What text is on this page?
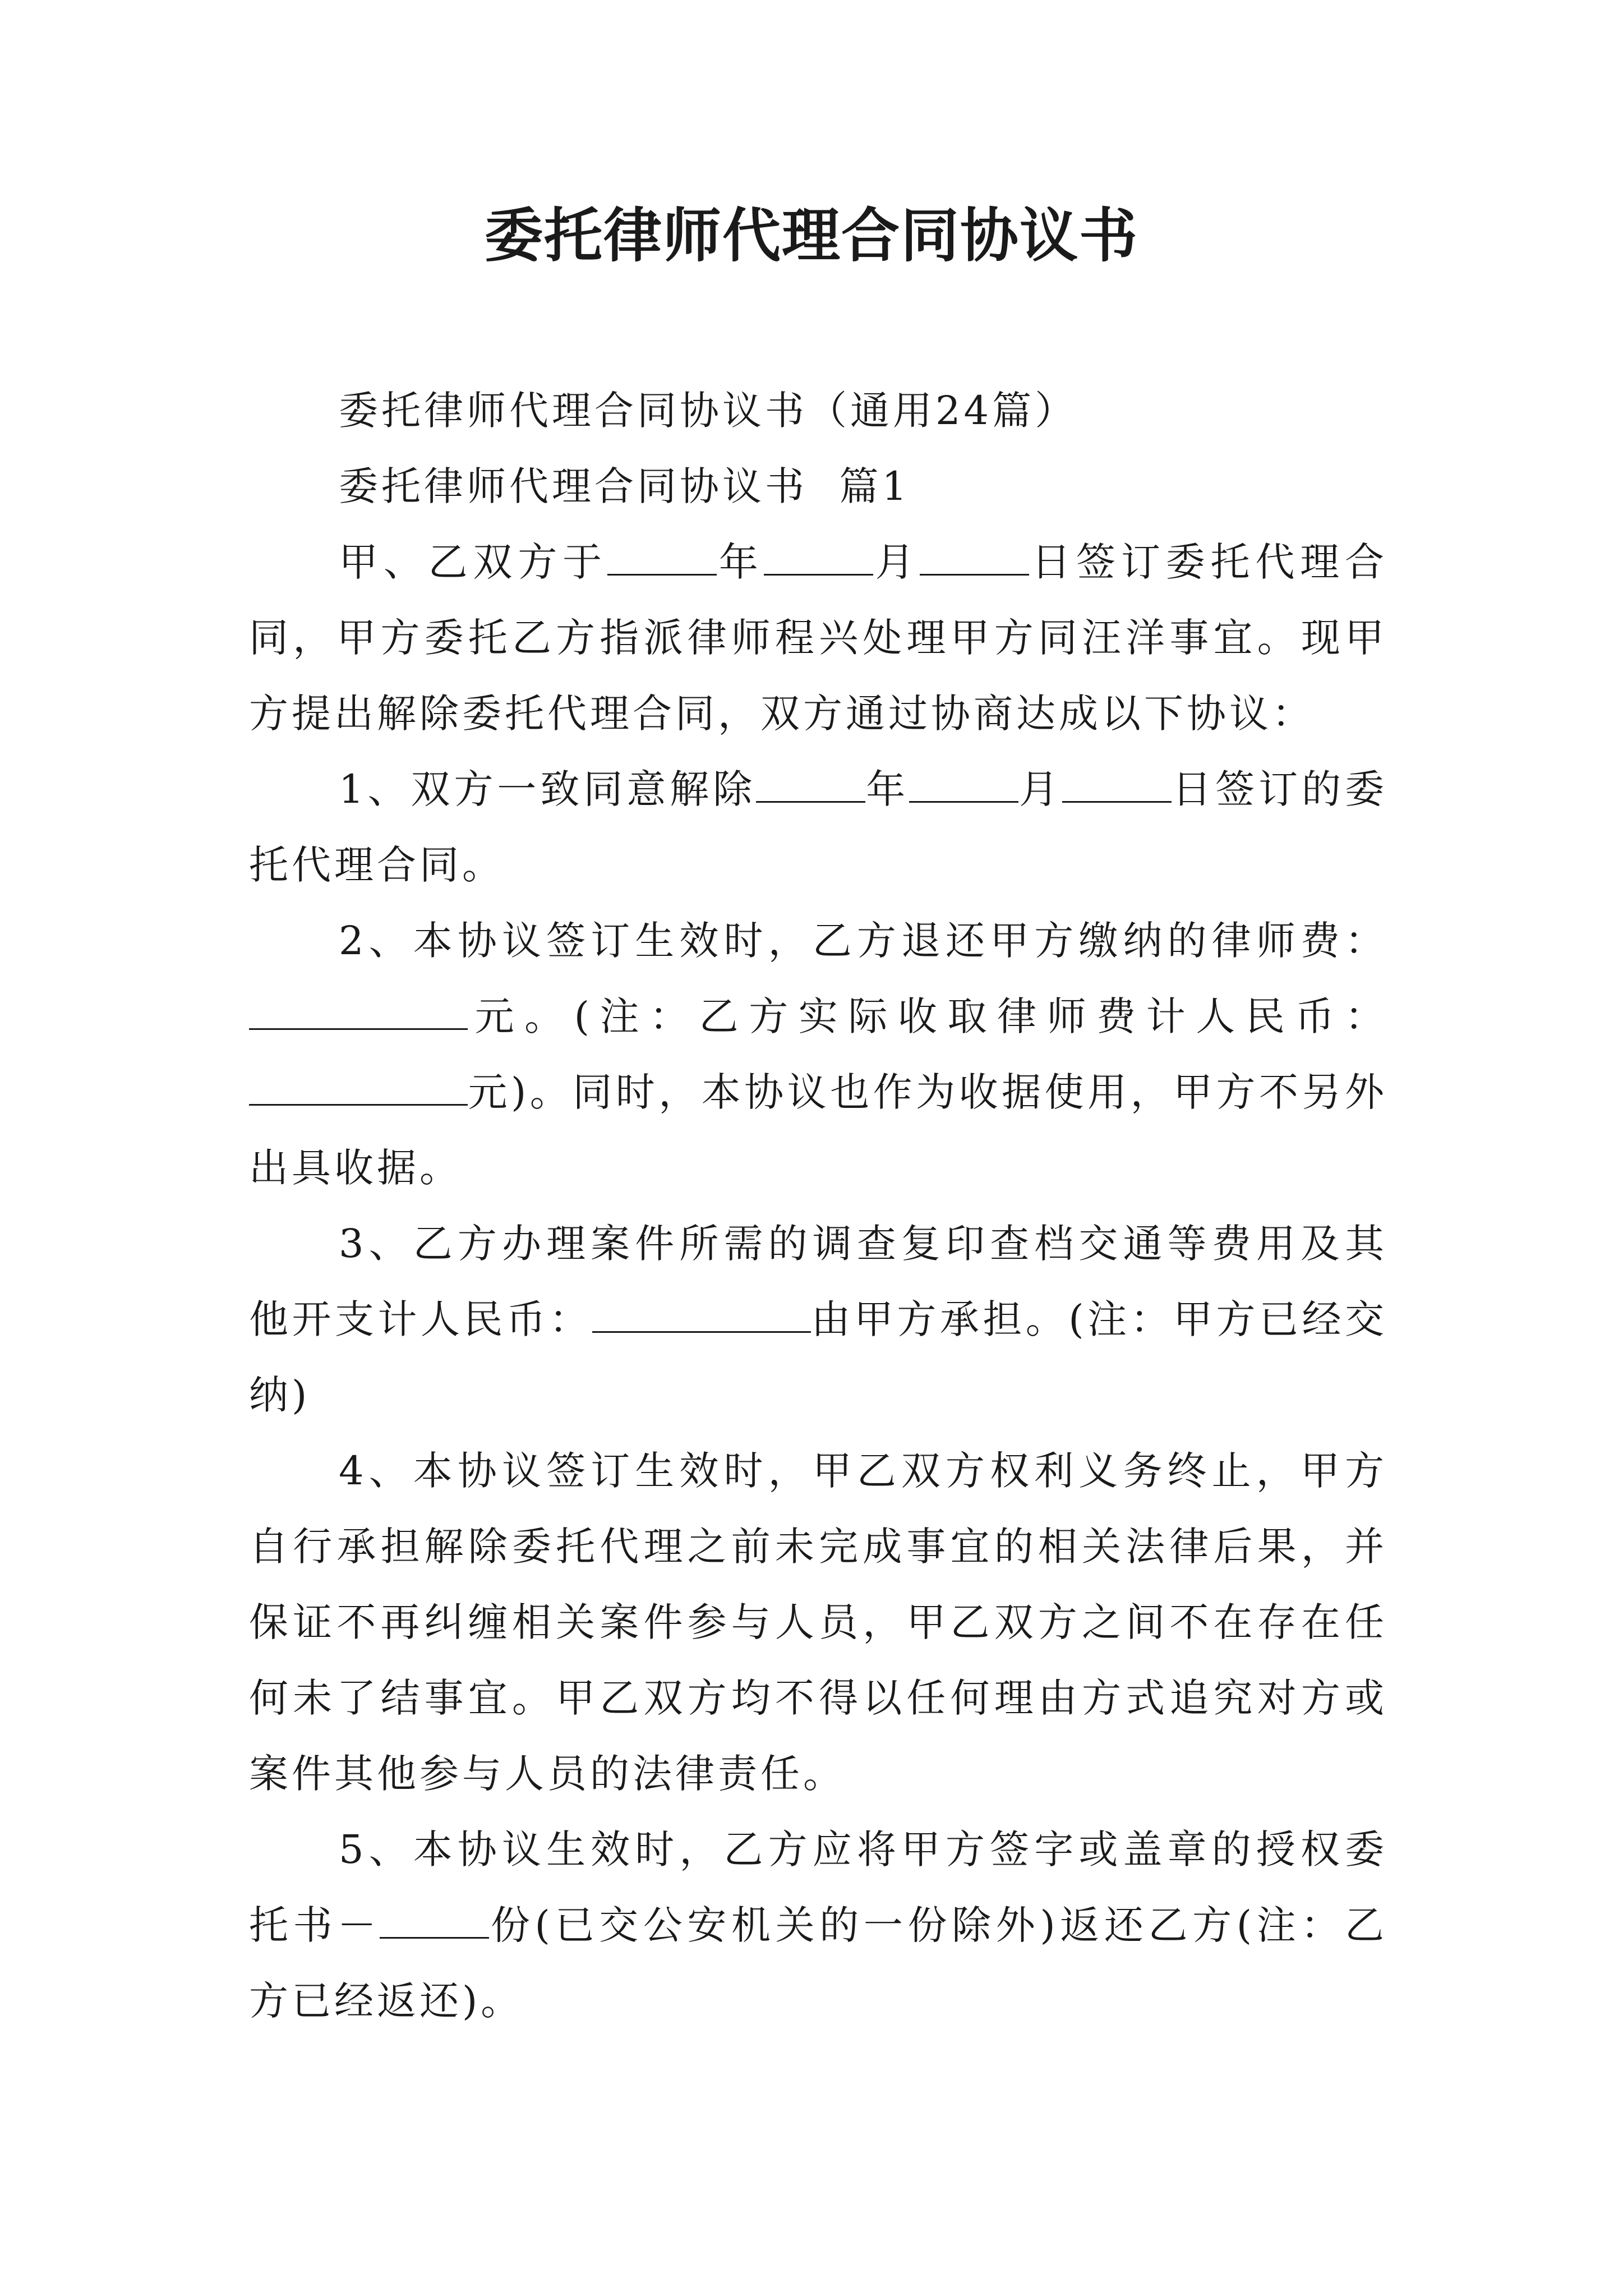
委托律师代理合同协议书

委托律师代理合同协议书（通用24篇）

委托律师代理合同协议书  篇1

甲、乙双方于	年	月	日签订委托代理合同，甲方委托乙方指派律师程兴处理甲方同汪洋事宜。现甲方提出解除委托代理合同，双方通过协商达成以下协议：

1、双方一致同意解除	年	月	日签订的委托代理合同。

2、本协议签订生效时，乙方退还甲方缴纳的律师费：元。(注：乙方实际收取律师费计人民币：元)。同时，本协议也作为收据使用，甲方不另外出具收据。

3、乙方办理案件所需的调查复印查档交通等费用及其他开支计人民币：	由甲方承担。(注：甲方已经交纳)

4、本协议签订生效时，甲乙双方权利义务终止，甲方自行承担解除委托代理之前未完成事宜的相关法律后果，并保证不再纠缠相关案件参与人员，甲乙双方之间不在存在任何未了结事宜。甲乙双方均不得以任何理由方式追究对方或案件其他参与人员的法律责任。

5、本协议生效时，乙方应将甲方签字或盖章的授权委托书－	份(已交公安机关的一份除外)返还乙方(注：乙方已经返还)。
